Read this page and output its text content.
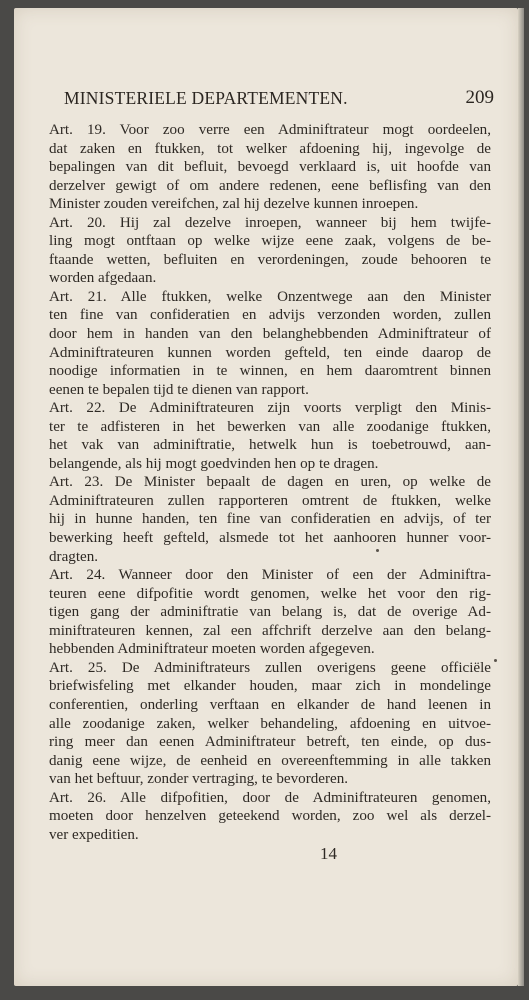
MINISTERIELE DEPARTEMENTEN.	209
Art. 19. Voor zoo verre een Adminiftrateur mogt oordeelen,
dat zaken en ftukken, tot welker afdoening hij, ingevolge de
bepalingen van dit befluit, bevoegd verklaard is, uit hoofde van
derzelver gewigt of om andere redenen, eene beflisfing van den
Minister zouden vereifchen, zal hij dezelve kunnen inroepen.
Art. 20. Hij zal dezelve inroepen, wanneer bij hem twijfe-
ling mogt ontftaan op welke wijze eene zaak, volgens de be-
ftaande wetten, befluiten en verordeningen, zoude behooren te
worden afgedaan.
Art. 21. Alle ftukken, welke Onzentwege aan den Minister
ten fine van confideratien en advijs verzonden worden, zullen
door hem in handen van den belanghebbenden Adminiftrateur of
Adminiftrateuren kunnen worden gefteld, ten einde daarop de
noodige informatien in te winnen, en hem daaromtrent binnen
eenen te bepalen tijd te dienen van rapport.
Art. 22. De Adminiftrateuren zijn voorts verpligt den Minis-
ter te adfisteren in het bewerken van alle zoodanige ftukken,
het vak van adminiftratie, hetwelk hun is toebetrouwd, aan-
belangende, als hij mogt goedvinden hen op te dragen.
Art. 23. De Minister bepaalt de dagen en uren, op welke de
Adminiftrateuren zullen rapporteren omtrent de ftukken, welke
hij in hunne handen, ten fine van confideratien en advijs, of ter
bewerking heeft gefteld, alsmede tot het aanhooren hunner voor-
dragten.
Art. 24. Wanneer door den Minister of een der Adminiftra-
teuren eene difpofitie wordt genomen, welke het voor den rig-
tigen gang der adminiftratie van belang is, dat de overige Ad-
miniftrateuren kennen, zal een affchrift derzelve aan den belang-
hebbenden Adminiftrateur moeten worden afgegeven.
Art. 25. De Adminiftrateurs zullen overigens geene officiële
briefwisfeling met elkander houden, maar zich in mondelinge
conferentien, onderling verftaan en elkander de hand leenen in
alle zoodanige zaken, welker behandeling, afdoening en uitvoe-
ring meer dan eenen Adminiftrateur betreft, ten einde, op dus-
danig eene wijze, de eenheid en overeenftemming in alle takken
van het beftuur, zonder vertraging, te bevorderen.
Art. 26. Alle difpofitien, door de Adminiftrateuren genomen,
moeten door henzelven geteekend worden, zoo wel als derzel-
ver expeditien.
14
